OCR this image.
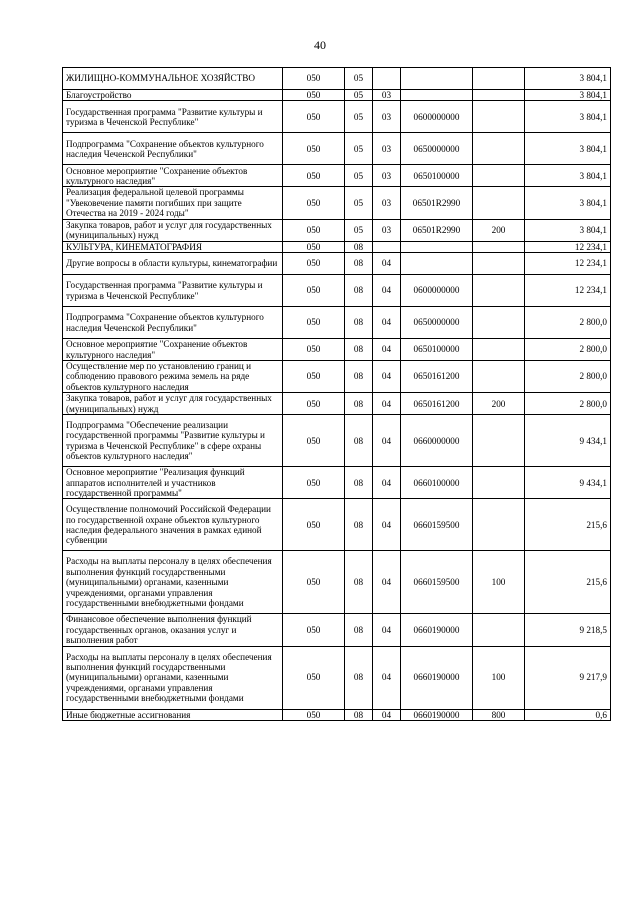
40
ЖИЛИЩНО-КОММУНАЛЬНОЕ ХОЗЯЙСТВО	050	05				3 804,1
Благоустройство	050	05	03			3 804,1
Государственная программа "Развитие культуры и туризма в Чеченской Республике"	050	05	03	0600000000		3 804,1
Подпрограмма "Сохранение объектов культурного наследия Чеченской Республики"	050	05	03	0650000000		3 804,1
Основное мероприятие "Сохранение объектов культурного наследия"	050	05	03	0650100000		3 804,1
Реализация федеральной целевой программы "Увековечение памяти погибших при защите Отечества на 2019 - 2024 годы"	050	05	03	06501R2990		3 804,1
Закупка товаров, работ и услуг для государственных (муниципальных) нужд	050	05	03	06501R2990	200	3 804,1
КУЛЬТУРА, КИНЕМАТОГРАФИЯ	050	08				12 234,1
Другие вопросы в области культуры, кинематографии	050	08	04			12 234,1
Государственная программа "Развитие культуры и туризма в Чеченской Республике"	050	08	04	0600000000		12 234,1
Подпрограмма "Сохранение объектов культурного наследия Чеченской Республики"	050	08	04	0650000000		2 800,0
Основное мероприятие "Сохранение объектов культурного наследия"	050	08	04	0650100000		2 800,0
Осуществление мер по установлению границ и соблюдению правового режима земель на ряде объектов культурного наследия	050	08	04	0650161200		2 800,0
Закупка товаров, работ и услуг для государственных (муниципальных) нужд	050	08	04	0650161200	200	2 800,0
Подпрограмма "Обеспечение реализации государственной программы "Развитие культуры и туризма в Чеченской Республике" в сфере охраны объектов культурного наследия"	050	08	04	0660000000		9 434,1
Основное мероприятие "Реализация функций аппаратов исполнителей и участников государственной программы"	050	08	04	0660100000		9 434,1
Осуществление полномочий Российской Федерации по государственной охране объектов культурного наследия федерального значения в рамках единой субвенции	050	08	04	0660159500		215,6
Расходы на выплаты персоналу в целях обеспечения выполнения функций государственными (муниципальными) органами, казенными учреждениями, органами управления государственными внебюджетными фондами	050	08	04	0660159500	100	215,6
Финансовое обеспечение выполнения функций государственных органов, оказания услуг и выполнения работ	050	08	04	0660190000		9 218,5
Расходы на выплаты персоналу в целях обеспечения выполнения функций государственными (муниципальными) органами, казенными учреждениями, органами управления государственными внебюджетными фондами	050	08	04	0660190000	100	9 217,9
Иные бюджетные ассигнования	050	08	04	0660190000	800	0,6
